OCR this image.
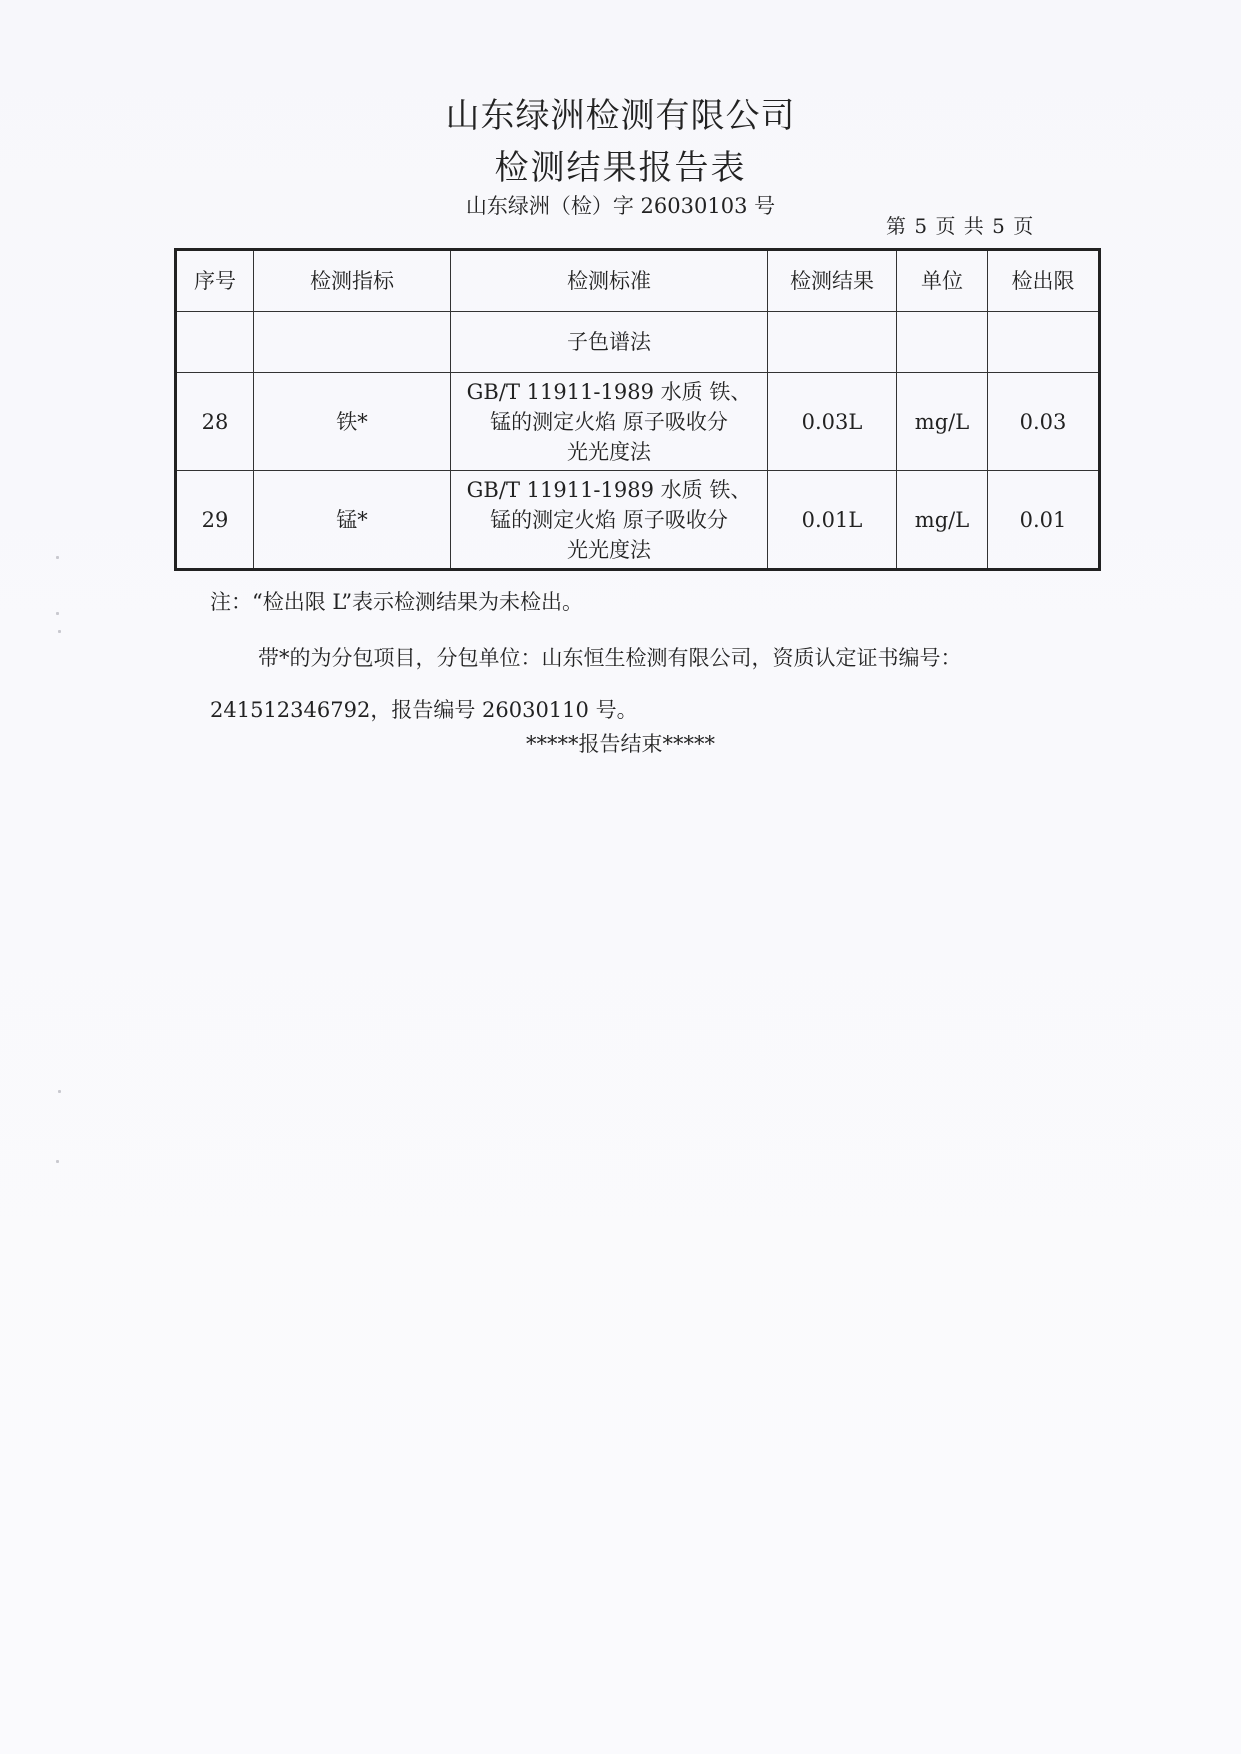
山东绿洲检测有限公司
检测结果报告表
山东绿洲（检）字 26030103 号
第 5 页 共 5 页
序号	检测指标	检测标准	检测结果	单位	检出限
		子色谱法			
28	铁*	GB/T 11911-1989 水质 铁、
锰的测定火焰 原子吸收分
光光度法	0.03L	mg/L	0.03
29	锰*	GB/T 11911-1989 水质 铁、
锰的测定火焰 原子吸收分
光光度法	0.01L	mg/L	0.01
注：“检出限 L”表示检测结果为未检出。
带*的为分包项目，分包单位：山东恒生检测有限公司，资质认定证书编号：241512346792，报告编号 26030110 号。
*****报告结束*****
